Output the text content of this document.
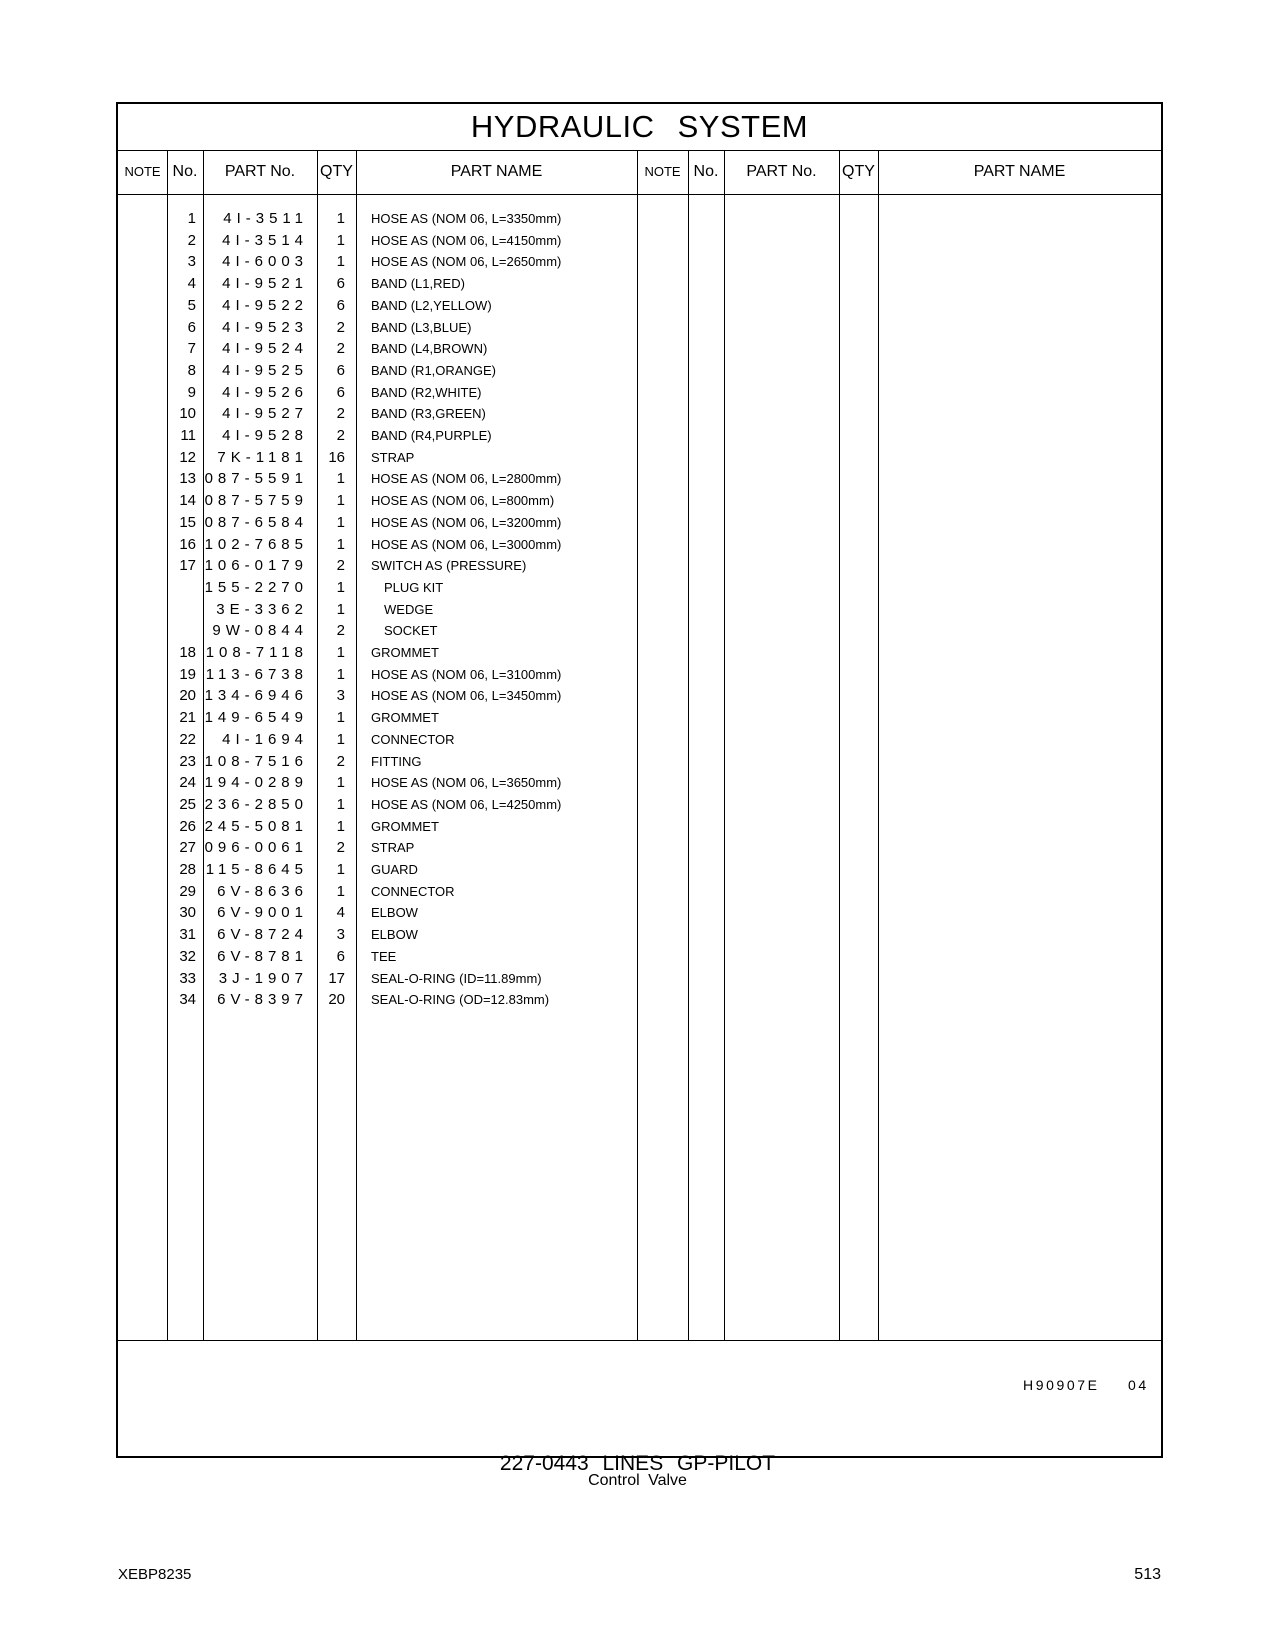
HYDRAULIC SYSTEM
NOTE No.	PART No.	QTY	PART NAME	NOTE No.	PART No.	QTY	PART NAME
1	4I-3511	1 HOSE AS (NOM 06, L=3350mm)
2	4I-3514	1 HOSE AS (NOM 06, L=4150mm)
3	4I-6003	1 HOSE AS (NOM 06, L=2650mm)
4	4I-9521	6 BAND (L1,RED)
5	4I-9522	6 BAND (L2,YELLOW)
6	4I-9523	2 BAND (L3,BLUE)
7	4I-9524	2 BAND (L4,BROWN)
8	4I-9525	6 BAND (R1,ORANGE)
9	4I-9526	6 BAND (R2,WHITE)
10	4I-9527	2 BAND (R3,GREEN)
11	4I-9528	2 BAND (R4,PURPLE)
12	7K-1181	16 STRAP
13 087-5591	1 HOSE AS (NOM 06, L=2800mm)
14 087-5759	1 HOSE AS (NOM 06, L=800mm)
15 087-6584	1 HOSE AS (NOM 06, L=3200mm)
16 102-7685	1 HOSE AS (NOM 06, L=3000mm)
17 106-0179	2 SWITCH AS (PRESSURE)
155-2270	1	PLUG KIT
3E-3362	1	WEDGE
9W-0844	2	SOCKET
18 108-7118	1 GROMMET
19 113-6738	1 HOSE AS (NOM 06, L=3100mm)
20 134-6946	3 HOSE AS (NOM 06, L=3450mm)
21 149-6549	1 GROMMET
22	4I-1694	1 CONNECTOR
23 108-7516	2 FITTING
24 194-0289	1 HOSE AS (NOM 06, L=3650mm)
25 236-2850	1 HOSE AS (NOM 06, L=4250mm)
26 245-5081	1 GROMMET
27 096-0061	2 STRAP
28 115-8645	1 GUARD
29	6V-8636	1 CONNECTOR
30	6V-9001	4 ELBOW
31	6V-8724	3 ELBOW
32	6V-8781	6 TEE
33	3J-1907	17 SEAL-O-RING (ID=11.89mm)
34	6V-8397	20 SEAL-O-RING (OD=12.83mm)
H90907E 04
227-0443 LINES GP-PILOT
Control Valve
XEBP8235	513
